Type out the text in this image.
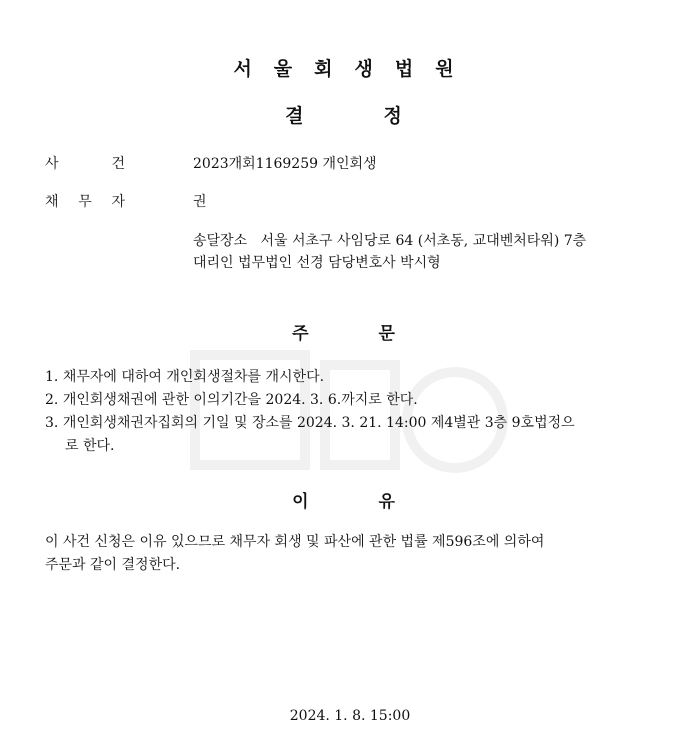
서울회생법원
결정
사 건	2023개회1169259 개인회생
채 무 자	권
송달장소   서울 서초구 사임당로 64 (서초동, 교대벤처타워) 7층
대리인 법무법인 선경 담당변호사 박시형
주문
1. 채무자에 대하여 개인회생절차를 개시한다.
2. 개인회생채권에 관한 이의기간을 2024. 3. 6.까지로 한다.
3. 개인회생채권자집회의 기일 및 장소를 2024. 3. 21. 14:00 제4별관 3층 9호법정으
로 한다.
이유
이 사건 신청은 이유 있으므로 채무자 회생 및 파산에 관한 법률 제596조에 의하여
주문과 같이 결정한다.
2024. 1. 8. 15:00
